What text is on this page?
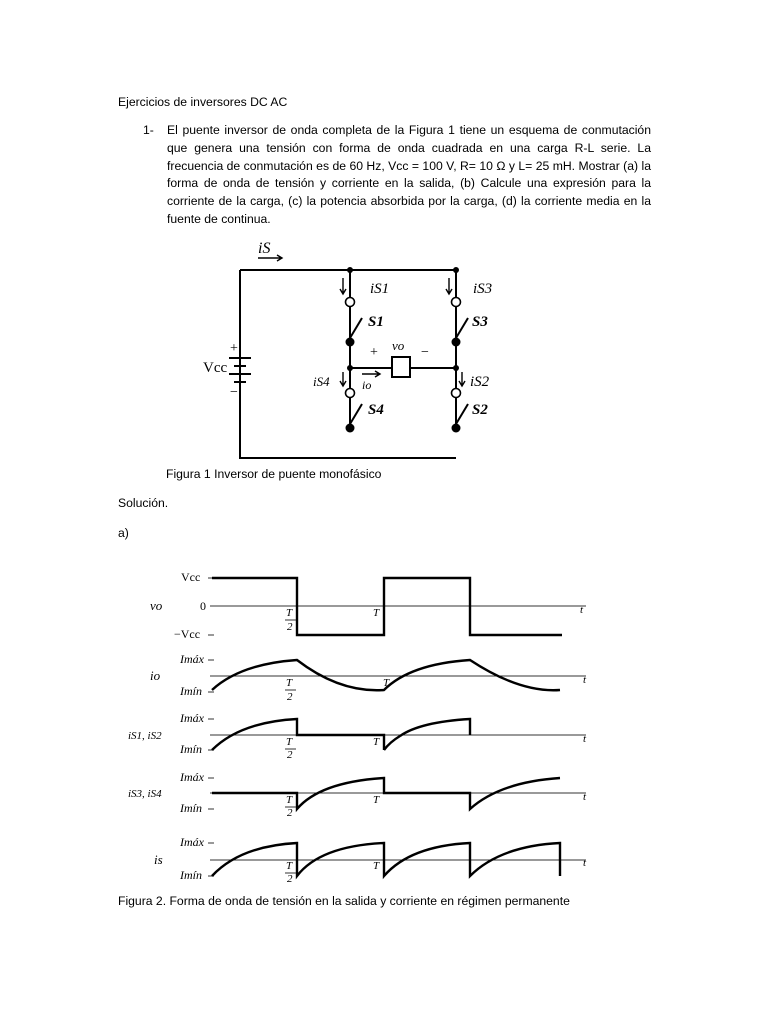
Ejercicios de inversores DC AC
1- El puente inversor de onda completa de la Figura 1 tiene un esquema de conmutación que genera una tensión con forma de onda cuadrada en una carga R-L serie. La frecuencia de conmutación es de 60 Hz, Vcc = 100 V, R= 10 Ω y L= 25 mH. Mostrar (a) la forma de onda de tensión y corriente en la salida, (b) Calcule una expresión para la corriente de la carga, (c) la potencia absorbida por la carga, (d) la corriente media en la fuente de continua.
iS
iS1	iS3
S1	S3
iS4	iS2
S4	S2
Vcc
vo
io
+
−
+	−
Figura 1 Inversor de puente monofásico
Solución.
a)
Vcc
0
−Vcc
vo
Imáx
Imín
io
Imáx
Imín
iS1, iS2
Imáx
Imín
iS3, iS4
Imáx
Imín
is
T
2
T	t
T
2
T	t
T
2
T	t
T
2
T	t
T
2
T	t
Figura 2. Forma de onda de tensión en la salida y corriente en régimen permanente
